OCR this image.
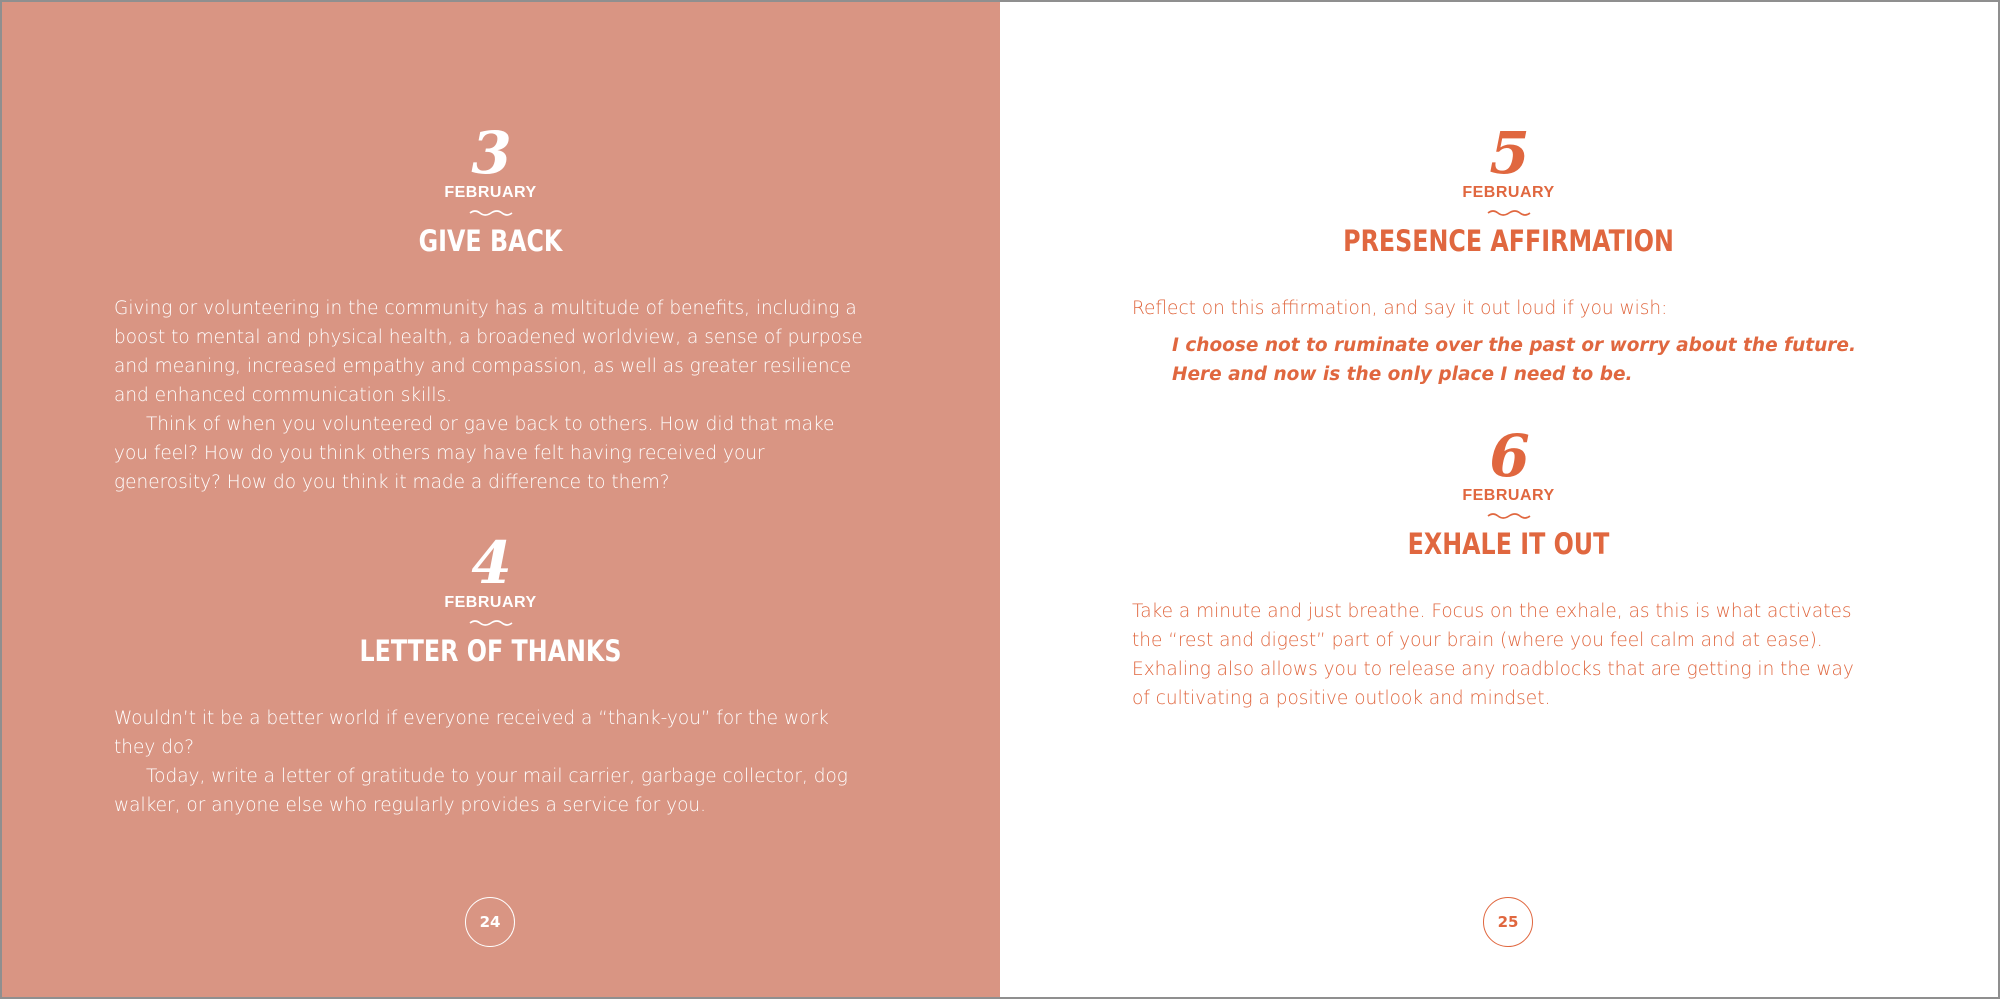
3
FEBRUARY
GIVE BACK

Giving or volunteering in the community has a multitude of benefits, including a boost to mental and physical health, a broadened worldview, a sense of purpose and meaning, increased empathy and compassion, as well as greater resilience and enhanced communication skills.

Think of when you volunteered or gave back to others. How did that make you feel? How do you think others may have felt having received your generosity? How do you think it made a difference to them?

4
FEBRUARY
LETTER OF THANKS

Wouldn’t it be a better world if everyone received a “thank-you” for the work they do?

Today, write a letter of gratitude to your mail carrier, garbage collector, dog walker, or anyone else who regularly provides a service for you.

24
5
FEBRUARY
PRESENCE AFFIRMATION

Reflect on this affirmation, and say it out loud if you wish:

I choose not to ruminate over the past or worry about the future.
Here and now is the only place I need to be.
6
FEBRUARY
EXHALE IT OUT

Take a minute and just breathe. Focus on the exhale, as this is what activates the “rest and digest” part of your brain (where you feel calm and at ease). Exhaling also allows you to release any roadblocks that are getting in the way of cultivating a positive outlook and mindset.

25
